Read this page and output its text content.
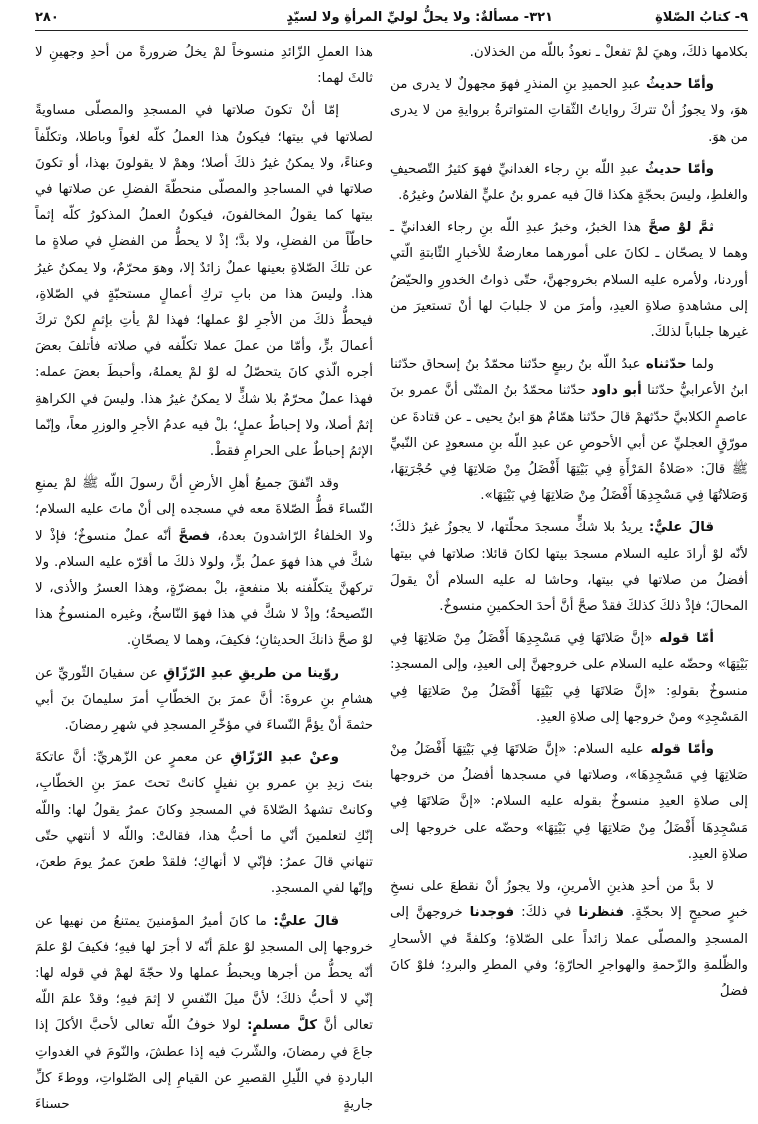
٩- كتابُ الصّلاةِ
٣٢١- مسألةٌ: ولا يحلُّ لوليِّ المرأةِ ولا لسيّدٍ
٢٨٠

بكلامها ذلكَ، وهيَ لمْ تفعلْ ـ نعوذُ باللّه من الخذلان.

وأمّا حديثُ عبدِ الحميدِ بنِ المنذرِ فهوَ مجهولٌ لا يدرى من هوَ، ولا يجوزُ أنْ تتركَ رواياتُ الثّقاتِ المتواترةُ بروايةِ من لا يدرى من هوَ.

وأمّا حديثُ عبدِ اللّه بنِ رجاء الغدانيِّ فهوَ كثيرُ التّصحيفِ والغلطِ، وليسَ بحجّةٍ هكذا قالَ فيه عمرو بنُ عليٍّ الفلاسُ وغيرُهُ.

ثمَّ لوْ صحَّ هذا الخبرُ، وخبرُ عبدِ اللّه بنِ رجاء الغدانيِّ ـ وهما لا يصحّان ـ لكانَ على أمورهما معارضةٌ للأخبارِ الثّابتةِ الّتي أوردنا، ولأمره عليه السلام بخروجهنَّ، حتّى ذواتُ الخدورِ والحيّضُ إلى مشاهدةِ صلاةِ العيدِ، وأمرَ من لا جلبابَ لها أنْ تستعيرَ من غيرها جلباباً لذلكَ.

ولما حدّثناه عبدُ اللّه بنُ ربيعٍ حدّثنا محمّدُ بنُ إسحاق حدّثنا ابنُ الأعرابيُّ حدّثنا أبو داود حدّثنا محمّدُ بنُ المثنّى أنَّ عمرو بنَ عاصمٍ الكلابيَّ حدّثهمْ قالَ حدّثنا همّامٌ هوَ ابنُ يحيى ـ عن قتادةَ عن مورّقٍ العجليِّ عن أبي الأحوصِ عن عبدِ اللّه بنِ مسعودٍ عن النّبيِّ ﷺ قالَ: «صَلاةُ المَرْأَةِ فِي بَيْتِهَا أَفْضَلُ مِنْ صَلاتِهَا فِي حُجْرَتِهَا، وَصَلاتُهَا فِي مَسْجِدِهَا أَفْضَلُ مِنْ صَلاتِهَا فِي بَيْتِهَا».

قالَ عليٌّ: يريدُ بلا شكٍّ مسجدَ محلّتها، لا يجوزُ غيرُ ذلكَ؛ لأنّه لوْ أرادَ عليه السلام مسجدَ بيتها لكانَ قائلا: صلاتها في بيتها أفضلُ من صلاتها في بيتها، وحاشا له عليه السلام أنْ يقولَ المحالَ؛ فإذْ ذلكَ كذلكَ فقدْ صحَّ أنَّ أحدَ الحكمينِ منسوخٌ.

أمّا قوله «إنَّ صَلاتَهَا فِي مَسْجِدِهَا أَفْضَلُ مِنْ صَلاتِهَا فِي بَيْتِهَا» وحضّه عليه السلام على خروجهنَّ إلى العيدِ، وإلى المسجدِ: منسوخٌ بقولهِ: «إنَّ صَلاتَهَا فِي بَيْتِهَا أَفْضَلُ مِنْ صَلاتِهَا فِي المَسْجِدِ» ومنْ خروجها إلى صلاةِ العيدِ.

وأمّا قوله عليه السلام: «إنَّ صَلاتَهَا فِي بَيْتِهَا أَفْضَلُ مِنْ صَلاتِهَا فِي مَسْجِدِهَا»، وصلاتها في مسجدها أفضلُ من خروجها إلى صلاةِ العيدِ منسوخٌ بقوله عليه السلام: «إنَّ صَلاتَهَا فِي مَسْجِدِهَا أَفْضَلُ مِنْ صَلاتِهَا فِي بَيْتِهَا» وحضّه على خروجها إلى صلاةِ العيدِ.

لا بدَّ من أحدِ هذينِ الأمرينِ، ولا يجوزُ أنْ نقطعَ على نسخِ خبرٍ صحيحٍ إلا بحجّةٍ. فنظرنا في ذلكَ: فوجدنا خروجهنَّ إلى المسجدِ والمصلّى عملا زائداً على الصّلاةِ؛ وكلفةً في الأسحارِ والظّلمةِ والزّحمةِ والهواجرِ الحارّةِ؛ وفي المطرِ والبردِ؛ فلوْ كانَ فضلُ

هذا العملِ الزّائدِ منسوخاً لمْ يخلُ ضرورةً من أحدِ وجهينِ لا ثالثَ لهما:

إمّا أنْ تكونَ صلاتها في المسجدِ والمصلّى مساويةً لصلاتها في بيتها؛ فيكونُ هذا العملُ كلّه لغواً وباطلا، وتكلّفاً وعناءً، ولا يمكنُ غيرُ ذلكَ أصلا؛ وهمْ لا يقولونَ بهذا، أو تكونَ صلاتها في المساجدِ والمصلّى منحطّةَ الفضلِ عن صلاتها في بيتها كما يقولُ المخالفونَ، فيكونُ العملُ المذكورُ كلّه إثماً حاطّاً من الفضلِ، ولا بدَّ؛ إذْ لا يحطُّ من الفضلِ في صلاةٍ ما عن تلكَ الصّلاةِ بعينها عملٌ زائدٌ إلا، وهوَ محرّمٌ، ولا يمكنُ غيرُ هذا. وليسَ هذا من بابِ تركِ أعمالٍ مستحبّةٍ في الصّلاةِ، فيحطُّ ذلكَ من الأجرِ لوْ عملها؛ فهذا لمْ يأتِ بإثمٍ لكنْ تركَ أعمالَ برٍّ، وأمّا من عملَ عملا تكلّفه في صلاته فأتلفَ بعضَ أجره الّذي كانَ يتحصّلُ له لوْ لمْ يعملهُ، وأحبطَ بعضَ عمله: فهذا عملٌ محرّمٌ بلا شكٍّ لا يمكنُ غيرُ هذا. وليسَ في الكراهةِ إثمٌ أصلا، ولا إحباطُ عملٍ؛ بلْ فيه عدمُ الأجرِ والوزرِ معاً، وإنّما الإثمُ إحباطٌ على الحرامِ فقطْ.

وقد اتّفقَ جميعُ أهلِ الأرضِ أنَّ رسولَ اللّه ﷺ لمْ يمنعِ النّساءَ قطُّ الصّلاةَ معه في مسجده إلى أنْ ماتَ عليه السلام؛ ولا الخلفاءُ الرّاشدونَ بعدهُ، فصحَّ أنّه عملٌ منسوخٌ؛ فإذْ لا شكَّ في هذا فهوَ عملُ برٍّ، ولولا ذلكَ ما أقرّه عليه السلام. ولا تركهنَّ يتكلّفنه بلا منفعةٍ، بلْ بمضرّةٍ، وهذا العسرُ والأذى، لا النّصيحةُ؛ وإذْ لا شكَّ في هذا فهوَ النّاسخُ، وغيره المنسوخُ هذا لوْ صحَّ ذانكَ الحديثانِ؛ فكيفَ، وهما لا يصحّانِ.

روّينا من طريقِ عبدِ الرّزّاقِ عن سفيانَ الثّوريِّ عن هشامِ بنِ عروةَ: أنَّ عمرَ بنَ الخطّابِ أمرَ سليمانَ بنَ أبي حثمةَ أنْ يؤمَّ النّساءَ في مؤخّرِ المسجدِ في شهرِ رمضانَ.

وعنْ عبدِ الرّزّاقِ عن معمرٍ عن الزّهريِّ: أنَّ عاتكةَ بنتَ زيدِ بنِ عمرو بنِ نفيلٍ كانتْ تحتَ عمرَ بنِ الخطّابِ، وكانتْ تشهدُ الصّلاةَ في المسجدِ وكانَ عمرُ يقولُ لها: واللّه إنّكِ لتعلمينَ أنّي ما أحبُّ هذا، فقالتْ: واللّه لا أنتهي حتّى تنهاني قالَ عمرُ: فإنّي لا أنهاكِ؛ فلقدْ طعنَ عمرُ يومَ طعنَ، وإنّها لفي المسجدِ.

قالَ عليٌّ: ما كانَ أميرُ المؤمنينَ يمتنعُ من نهيها عن خروجها إلى المسجدِ لوْ علمَ أنّه لا أجرَ لها فيهِ؛ فكيفَ لوْ علمَ أنّه يحطُّ من أجرها ويحبطُ عملها ولا حجّةَ لهمْ في قوله لها: إنّي لا أحبُّ ذلكَ؛ لأنَّ ميلَ النّفسِ لا إثمَ فيهِ؛ وقدْ علمَ اللّه تعالى أنَّ كلَّ مسلمٍ: لولا خوفُ اللّه تعالى لأحبَّ الأكلَ إذا جاعَ في رمضانَ، والشّربَ فيه إذا عطشَ، والنّومَ في الغدواتِ الباردةِ في اللّيلِ القصيرِ عن القيامِ إلى الصّلواتِ، ووطءَ كلِّ جاريةٍ حسناءَ
